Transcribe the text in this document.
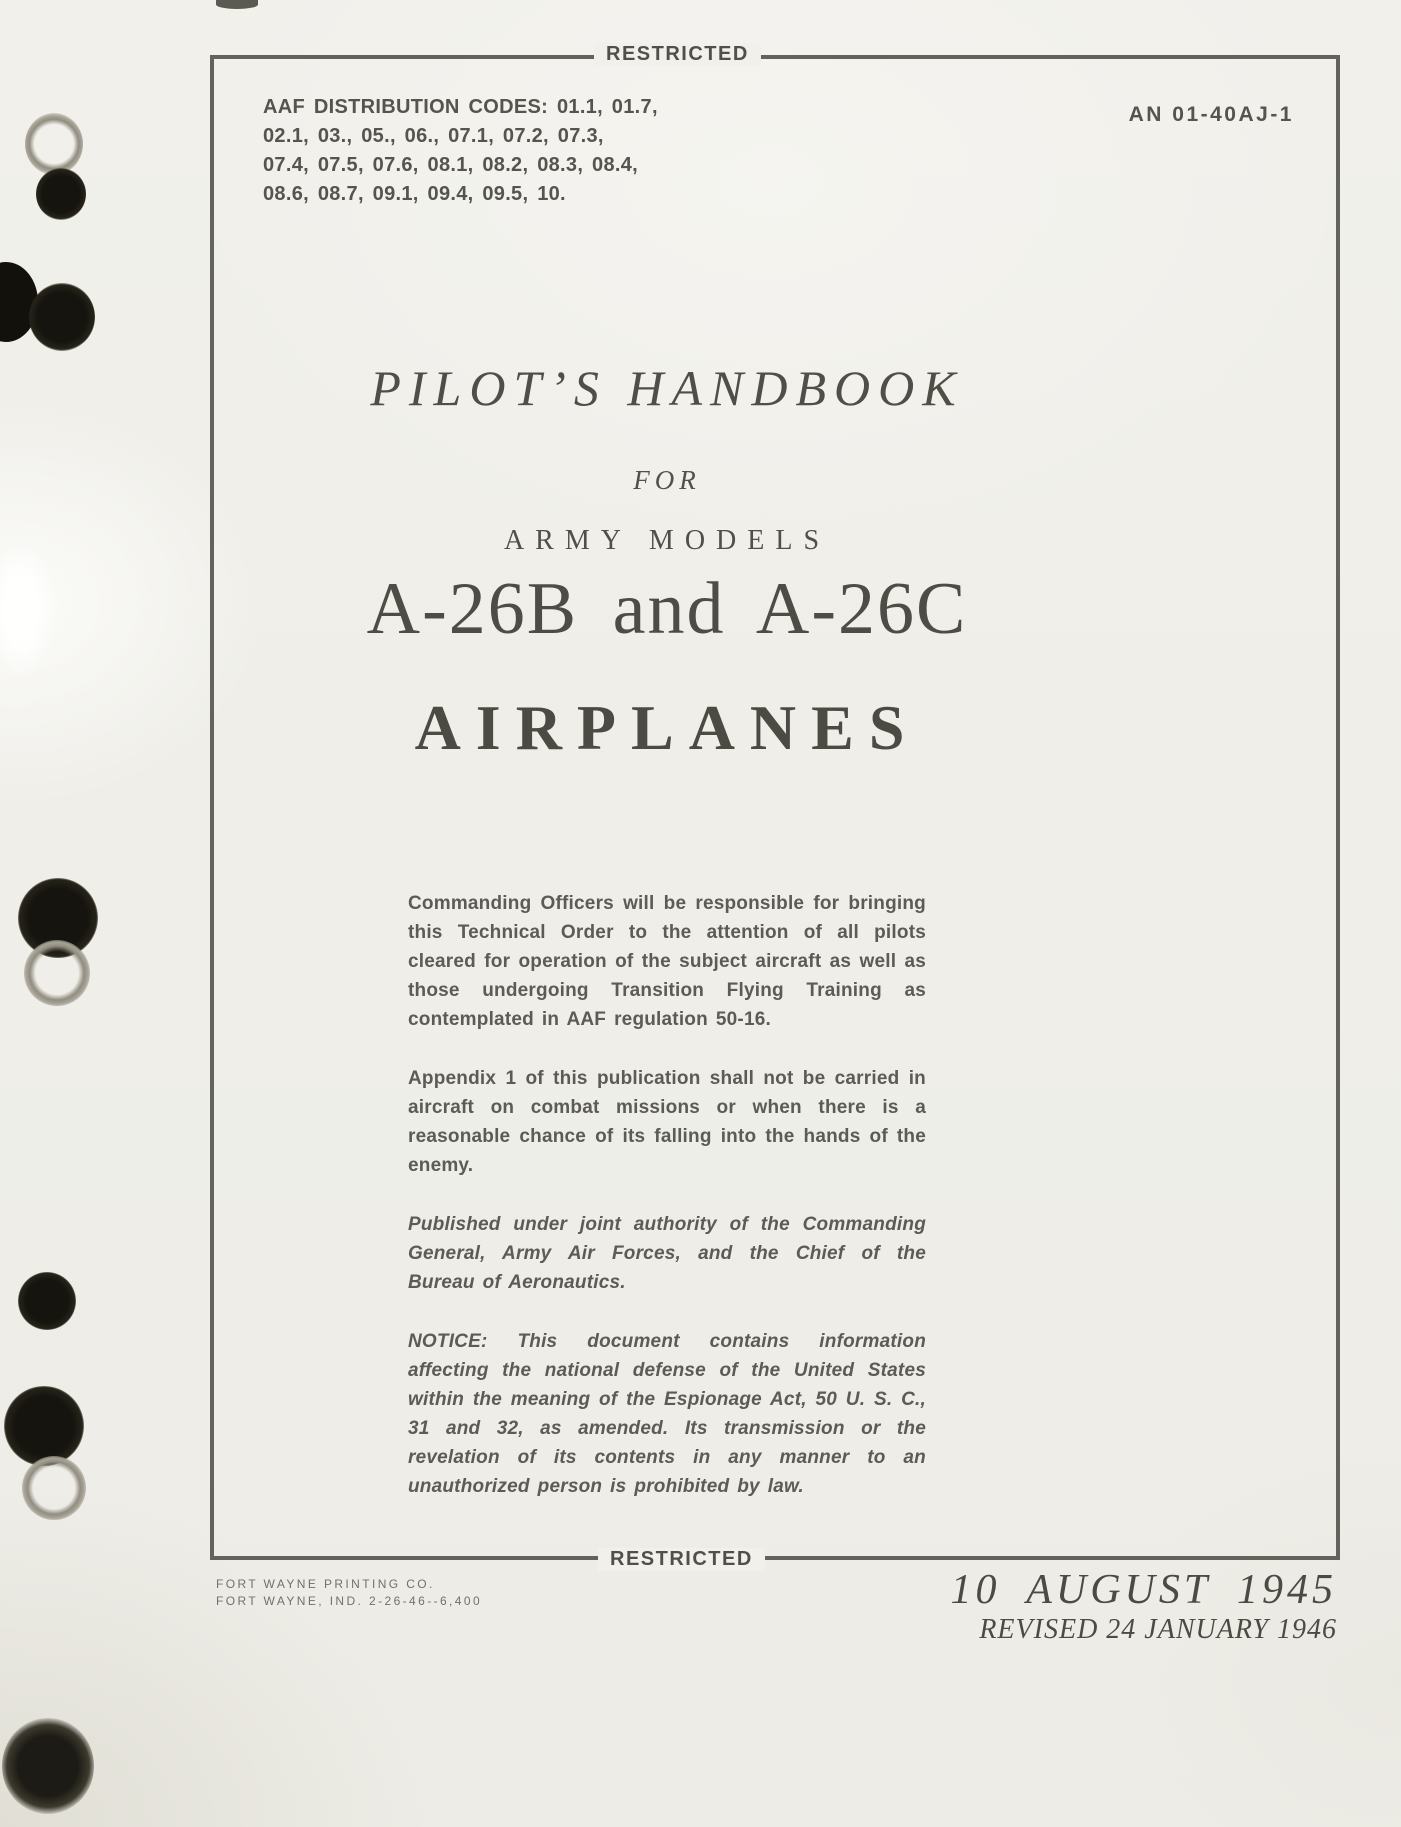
RESTRICTED
AAF DISTRIBUTION CODES: 01.1, 01.7,
02.1, 03., 05., 06., 07.1, 07.2, 07.3,
07.4, 07.5, 07.6, 08.1, 08.2, 08.3, 08.4,
08.6, 08.7, 09.1, 09.4, 09.5, 10.
AN 01-40AJ-1
PILOT’S HANDBOOK
FOR
ARMY MODELS
A-26B and A-26C
AIRPLANES

Commanding Officers will be responsible for bringing this Technical Order to the attention of all pilots cleared for operation of the subject aircraft as well as those undergoing Transition Flying Training as contemplated in AAF regulation 50-16.

Appendix 1 of this publication shall not be carried in aircraft on combat missions or when there is a reasonable chance of its falling into the hands of the enemy.

Published under joint authority of the Commanding General, Army Air Forces, and the Chief of the Bureau of Aeronautics.

NOTICE: This document contains information affecting the national defense of the United States within the meaning of the Espionage Act, 50 U. S. C., 31 and 32, as amended. Its transmission or the revelation of its contents in any manner to an unauthorized person is prohibited by law.

RESTRICTED
FORT WAYNE PRINTING CO.
FORT WAYNE, IND. 2-26-46--6,400	10 AUGUST 1945
REVISED 24 JANUARY 1946
